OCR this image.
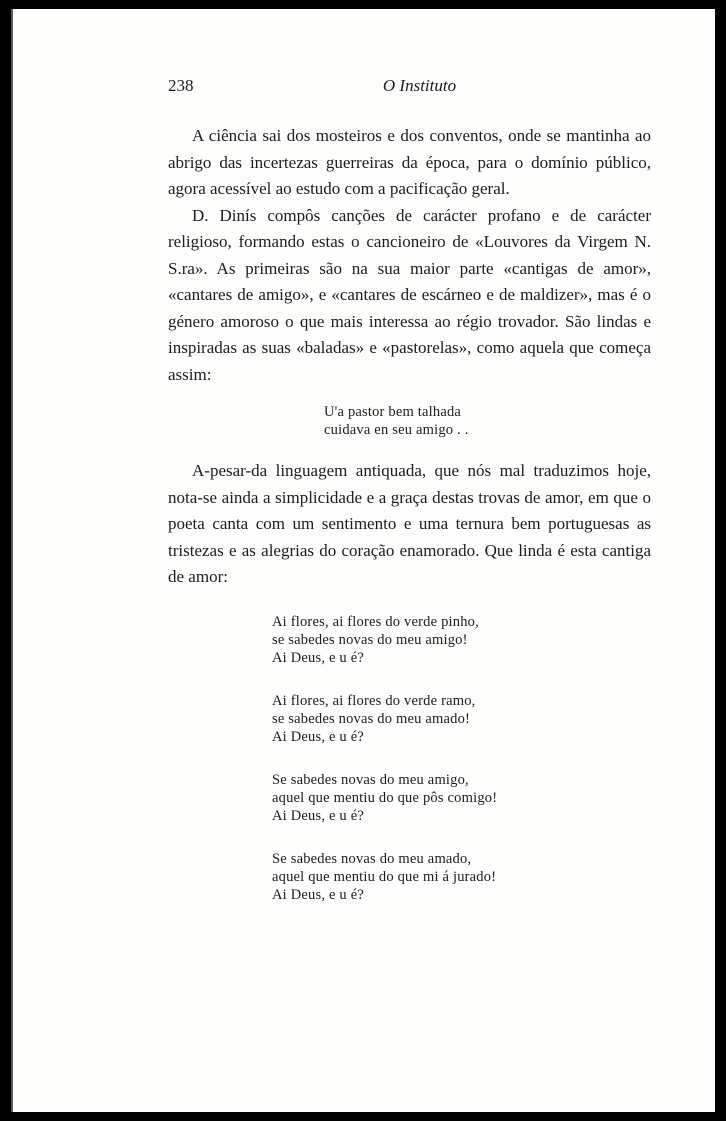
238	O Instituto

A ciência sai dos mosteiros e dos conventos, onde se mantinha ao abrigo das incertezas guerreiras da época, para o domínio público, agora acessível ao estudo com a pacificação geral.

D. Dinís compôs canções de carácter profano e de carácter religioso, formando estas o cancioneiro de «Louvores da Virgem N. S.ra». As primeiras são na sua maior parte «cantigas de amor», «cantares de amigo», e «cantares de escárneo e de maldizer», mas é o género amoroso o que mais interessa ao régio trovador. São lindas e inspiradas as suas «baladas» e «pastorelas», como aquela que começa assim:

U'a pastor bem talhada
cuidava en seu amigo . .

A-pesar-da linguagem antiquada, que nós mal traduzimos hoje, nota-se ainda a simplicidade e a graça destas trovas de amor, em que o poeta canta com um sentimento e uma ternura bem portuguesas as tristezas e as alegrias do coração enamorado. Que linda é esta cantiga de amor:

Ai flores, ai flores do verde pinho,
se sabedes novas do meu amigo!
Ai Deus, e u é?
Ai flores, ai flores do verde ramo,
se sabedes novas do meu amado!
Ai Deus, e u é?
Se sabedes novas do meu amigo,
aquel que mentiu do que pôs comigo!
Ai Deus, e u é?
Se sabedes novas do meu amado,
aquel que mentiu do que mi á jurado!
Ai Deus, e u é?
